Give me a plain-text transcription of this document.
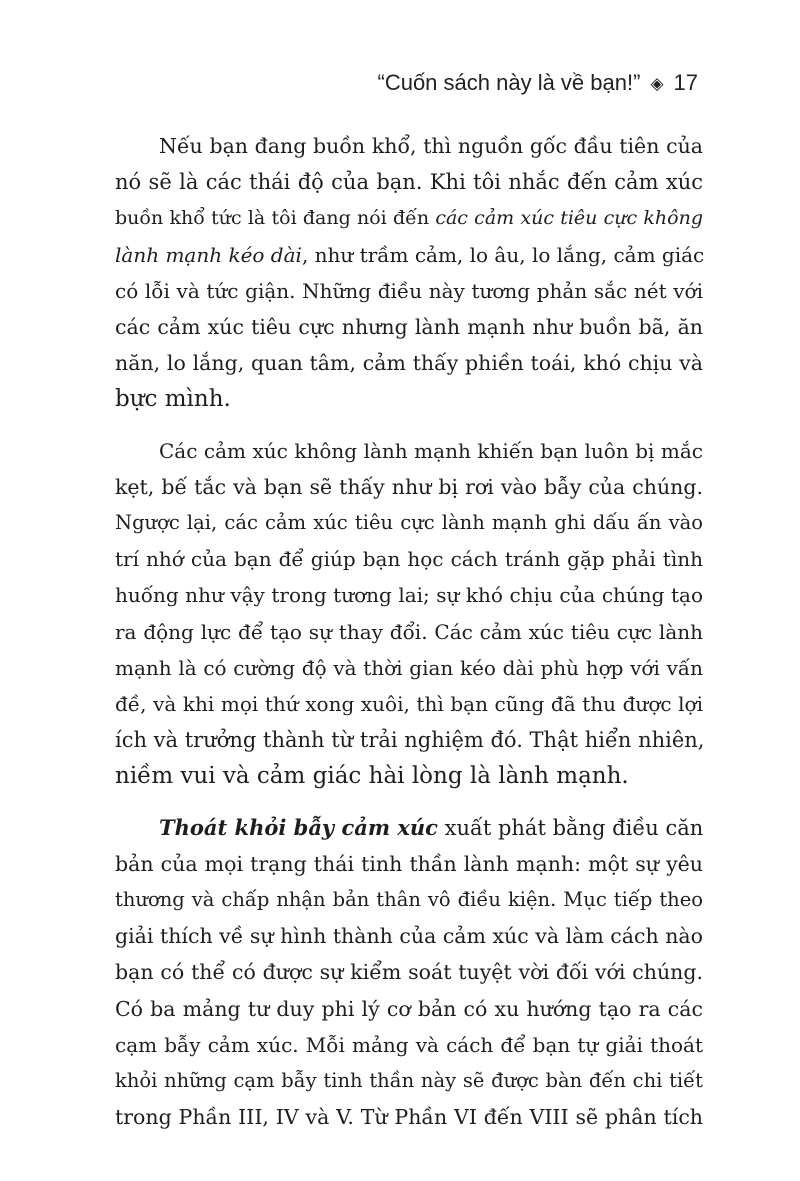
“Cuốn sách này là về bạn!” ◈ 17

Nếu bạn đang buồn khổ, thì nguồn gốc đầu tiên của
nó sẽ là các thái độ của bạn. Khi tôi nhắc đến cảm xúc
buồn khổ tức là tôi đang nói đến các cảm xúc tiêu cực không
lành mạnh kéo dài, như trầm cảm, lo âu, lo lắng, cảm giác
có lỗi và tức giận. Những điều này tương phản sắc nét với
các cảm xúc tiêu cực nhưng lành mạnh như buồn bã, ăn
năn, lo lắng, quan tâm, cảm thấy phiền toái, khó chịu và
bực mình.

Các cảm xúc không lành mạnh khiến bạn luôn bị mắc
kẹt, bế tắc và bạn sẽ thấy như bị rơi vào bẫy của chúng.
Ngược lại, các cảm xúc tiêu cực lành mạnh ghi dấu ấn vào
trí nhớ của bạn để giúp bạn học cách tránh gặp phải tình
huống như vậy trong tương lai; sự khó chịu của chúng tạo
ra động lực để tạo sự thay đổi. Các cảm xúc tiêu cực lành
mạnh là có cường độ và thời gian kéo dài phù hợp với vấn
đề, và khi mọi thứ xong xuôi, thì bạn cũng đã thu được lợi
ích và trưởng thành từ trải nghiệm đó. Thật hiển nhiên,
niềm vui và cảm giác hài lòng là lành mạnh.

Thoát khỏi bẫy cảm xúc xuất phát bằng điều căn
bản của mọi trạng thái tinh thần lành mạnh: một sự yêu
thương và chấp nhận bản thân vô điều kiện. Mục tiếp theo
giải thích về sự hình thành của cảm xúc và làm cách nào
bạn có thể có được sự kiểm soát tuyệt vời đối với chúng.
Có ba mảng tư duy phi lý cơ bản có xu hướng tạo ra các
cạm bẫy cảm xúc. Mỗi mảng và cách để bạn tự giải thoát
khỏi những cạm bẫy tinh thần này sẽ được bàn đến chi tiết
trong Phần III, IV và V. Từ Phần VI đến VIII sẽ phân tích
